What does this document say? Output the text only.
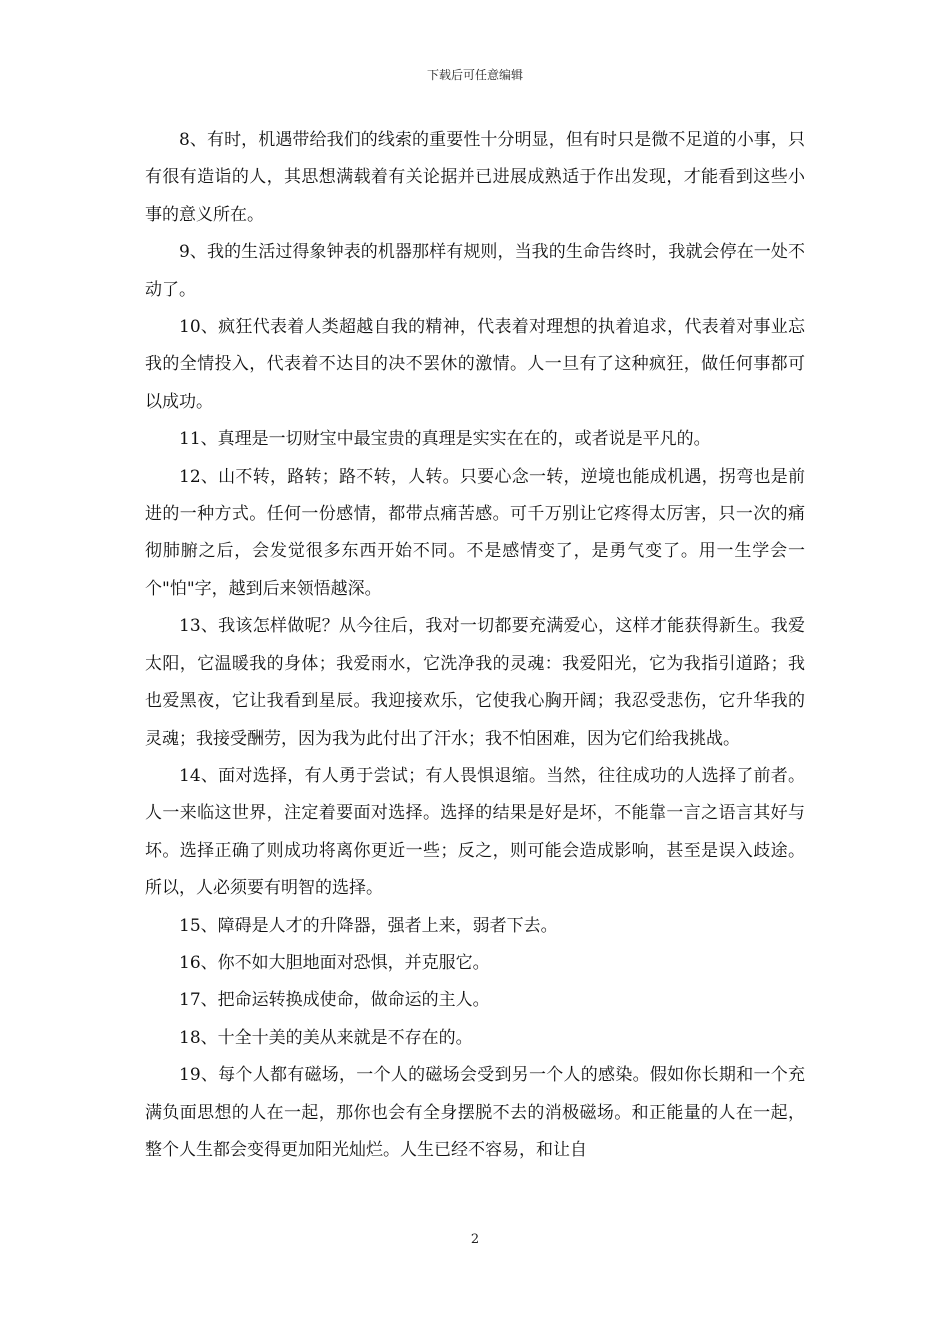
下载后可任意编辑

8、有时，机遇带给我们的线索的重要性十分明显，但有时只是微不足道的小事，只有很有造诣的人，其思想满载着有关论据并已进展成熟适于作出发现，才能看到这些小事的意义所在。

9、我的生活过得象钟表的机器那样有规则，当我的生命告终时，我就会停在一处不动了。

10、疯狂代表着人类超越自我的精神，代表着对理想的执着追求，代表着对事业忘我的全情投入，代表着不达目的决不罢休的激情。人一旦有了这种疯狂，做任何事都可以成功。

11、真理是一切财宝中最宝贵的真理是实实在在的，或者说是平凡的。

12、山不转，路转；路不转，人转。只要心念一转，逆境也能成机遇，拐弯也是前进的一种方式。任何一份感情，都带点痛苦感。可千万别让它疼得太厉害，只一次的痛彻肺腑之后，会发觉很多东西开始不同。不是感情变了，是勇气变了。用一生学会一个"怕"字，越到后来领悟越深。

13、我该怎样做呢？从今往后，我对一切都要充满爱心，这样才能获得新生。我爱太阳，它温暖我的身体；我爱雨水，它洗净我的灵魂：我爱阳光，它为我指引道路；我也爱黑夜，它让我看到星辰。我迎接欢乐，它使我心胸开阔；我忍受悲伤，它升华我的灵魂；我接受酬劳，因为我为此付出了汗水；我不怕困难，因为它们给我挑战。

14、面对选择，有人勇于尝试；有人畏惧退缩。当然，往往成功的人选择了前者。人一来临这世界，注定着要面对选择。选择的结果是好是坏，不能靠一言之语言其好与坏。选择正确了则成功将离你更近一些；反之，则可能会造成影响，甚至是误入歧途。所以，人必须要有明智的选择。

15、障碍是人才的升降器，强者上来，弱者下去。

16、你不如大胆地面对恐惧，并克服它。

17、把命运转换成使命，做命运的主人。

18、十全十美的美从来就是不存在的。

19、每个人都有磁场，一个人的磁场会受到另一个人的感染。假如你长期和一个充满负面思想的人在一起，那你也会有全身摆脱不去的消极磁场。和正能量的人在一起，整个人生都会变得更加阳光灿烂。人生已经不容易，和让自

2
